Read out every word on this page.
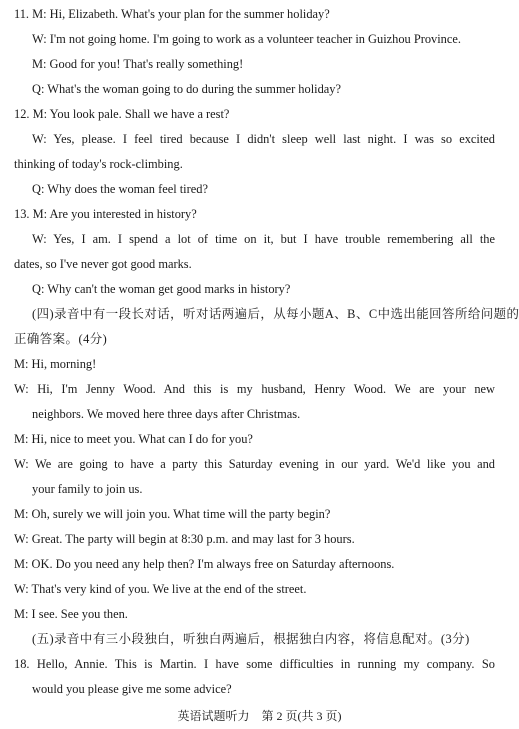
11. M: Hi, Elizabeth. What's your plan for the summer holiday?
W: I'm not going home. I'm going to work as a volunteer teacher in Guizhou Province.
M: Good for you! That's really something!
Q: What's the woman going to do during the summer holiday?
12. M: You look pale. Shall we have a rest?
W: Yes, please. I feel tired because I didn't sleep well last night. I was so excited
thinking of today's rock-climbing.
Q: Why does the woman feel tired?
13. M: Are you interested in history?
W: Yes, I am. I spend a lot of time on it, but I have trouble remembering all the
dates, so I've never got good marks.
Q: Why can't the woman get good marks in history?
(四)录音中有一段长对话，听对话两遍后，从每小题A、B、C中选出能回答所给问题的
正确答案。(4分)
M: Hi, morning!
W: Hi, I'm Jenny Wood. And this is my husband, Henry Wood. We are your new
neighbors. We moved here three days after Christmas.
M: Hi, nice to meet you. What can I do for you?
W: We are going to have a party this Saturday evening in our yard. We'd like you and
your family to join us.
M: Oh, surely we will join you. What time will the party begin?
W: Great. The party will begin at 8:30 p.m. and may last for 3 hours.
M: OK. Do you need any help then? I'm always free on Saturday afternoons.
W: That's very kind of you. We live at the end of the street.
M: I see. See you then.
(五)录音中有三小段独白，听独白两遍后，根据独白内容，将信息配对。(3分)
18. Hello, Annie. This is Martin. I have some difficulties in running my company. So
would you please give me some advice?
英语试题听力　第 2 页(共 3 页)
